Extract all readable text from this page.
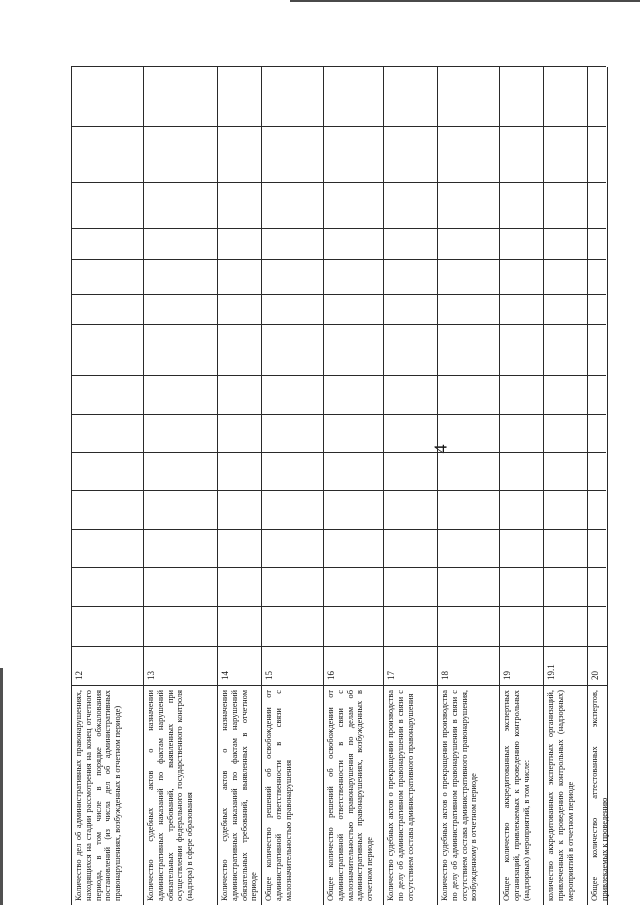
4
Количество дел об административных правонарушениях, находящихся на стадии рассмотрения на конец отчетного периода, в том числе в порядке обжалования постановлений (из числа дел об административных правонарушениях, возбужденных в отчетном периоде)
12
Количество судебных актов о назначении административных наказаний по фактам нарушений обязательных требований, выявленных при осуществлении федерального государственного контроля (надзора) в сфере образования
13
Количество судебных актов о назначении административных наказаний по фактам нарушений обязательных требований, выявленных в отчетном периоде
14
Общее количество решений об освобождении от административной ответственности в связи с малозначительностью правонарушения
15
Общее количество решений об освобождении от административной ответственности в связи с малозначительностью правонарушения по делам об административных правонарушениях, возбужденных в отчетном периоде
16
Количество судебных актов о прекращении производства по делу об административном правонарушении в связи с отсутствием состава административного правонарушения
17
Количество судебных актов о прекращении производства по делу об административном правонарушении в связи с отсутствием состава административного правонарушения, возбужденному в отчетном периоде
18
Общее количество аккредитованных экспертных организаций, привлекаемых к проведению контрольных (надзорных) мероприятий, в том числе:
19
количество аккредитованных экспертных организаций, привлеченных к проведению контрольных (надзорных) мероприятий в отчетном периоде
19.1
Общее количество аттестованных экспертов, привлекаемых к проведению
20
